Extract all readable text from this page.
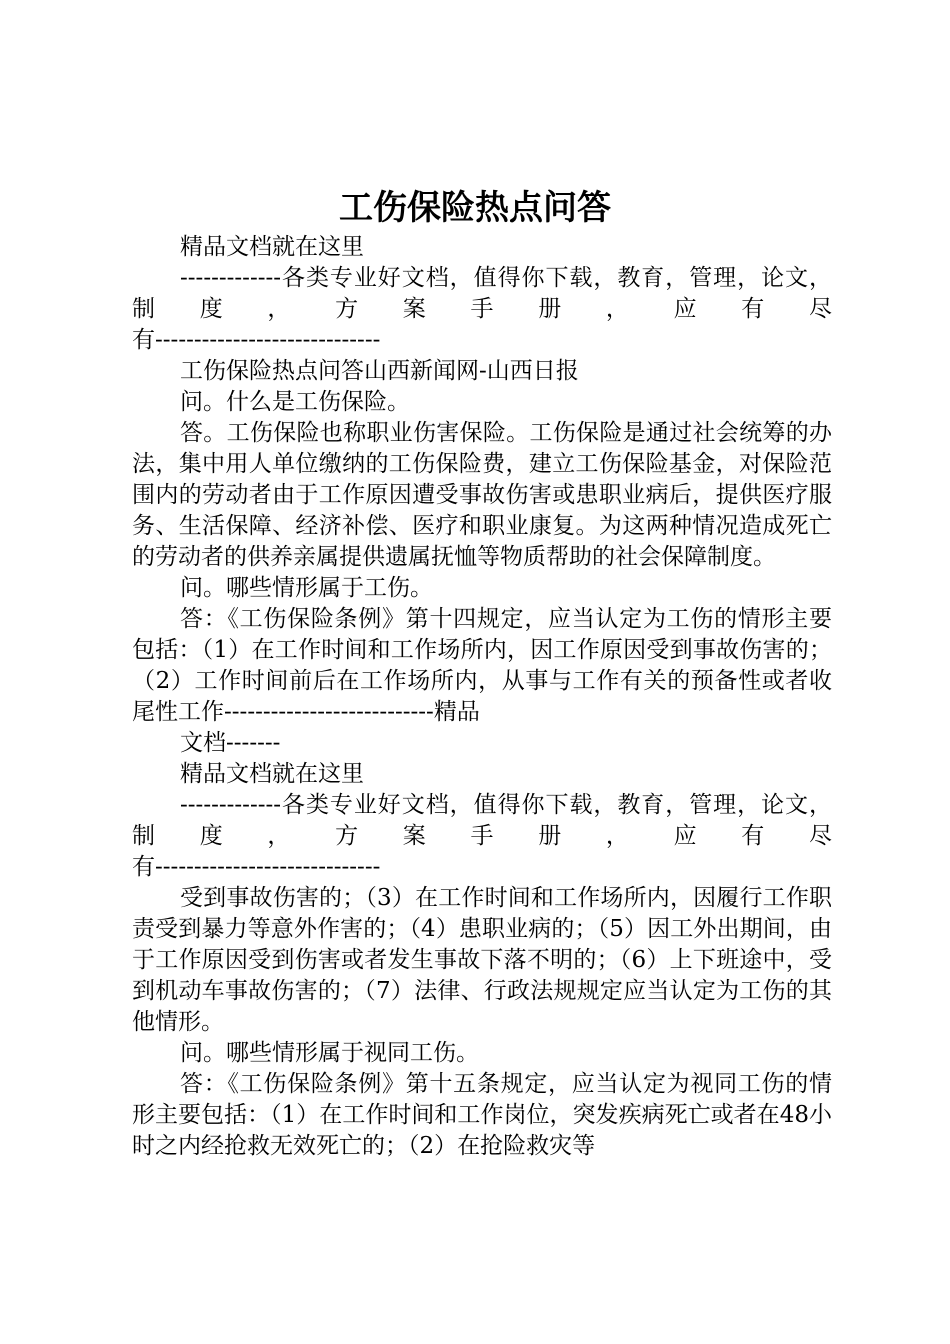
工伤保险热点问答

精品文档就在这里

-------------各类专业好文档，值得你下载，教育，管理，论文，制度，方案手册，应有尽

有-----------------------------

工伤保险热点问答山西新闻网-山西日报

问。什么是工伤保险。

答。工伤保险也称职业伤害保险。工伤保险是通过社会统筹的办法，集中用人单位缴纳的工伤保险费，建立工伤保险基金，对保险范围内的劳动者由于工作原因遭受事故伤害或患职业病后，提供医疗服务、生活保障、经济补偿、医疗和职业康复。为这两种情况造成死亡的劳动者的供养亲属提供遗属抚恤等物质帮助的社会保障制度。

问。哪些情形属于工伤。

答：《工伤保险条例》第十四规定，应当认定为工伤的情形主要包括：（1）在工作时间和工作场所内，因工作原因受到事故伤害的；（2）工作时间前后在工作场所内，从事与工作有关的预备性或者收尾性工作---------------------------精品

文档-------

精品文档就在这里

-------------各类专业好文档，值得你下载，教育，管理，论文，制度，方案手册，应有尽

有-----------------------------

受到事故伤害的；（3）在工作时间和工作场所内，因履行工作职责受到暴力等意外作害的；（4）患职业病的；（5）因工外出期间，由于工作原因受到伤害或者发生事故下落不明的；（6）上下班途中，受到机动车事故伤害的；（7）法律、行政法规规定应当认定为工伤的其他情形。

问。哪些情形属于视同工伤。

答：《工伤保险条例》第十五条规定，应当认定为视同工伤的情形主要包括：（1）在工作时间和工作岗位，突发疾病死亡或者在48小时之内经抢救无效死亡的；（2）在抢险救灾等
